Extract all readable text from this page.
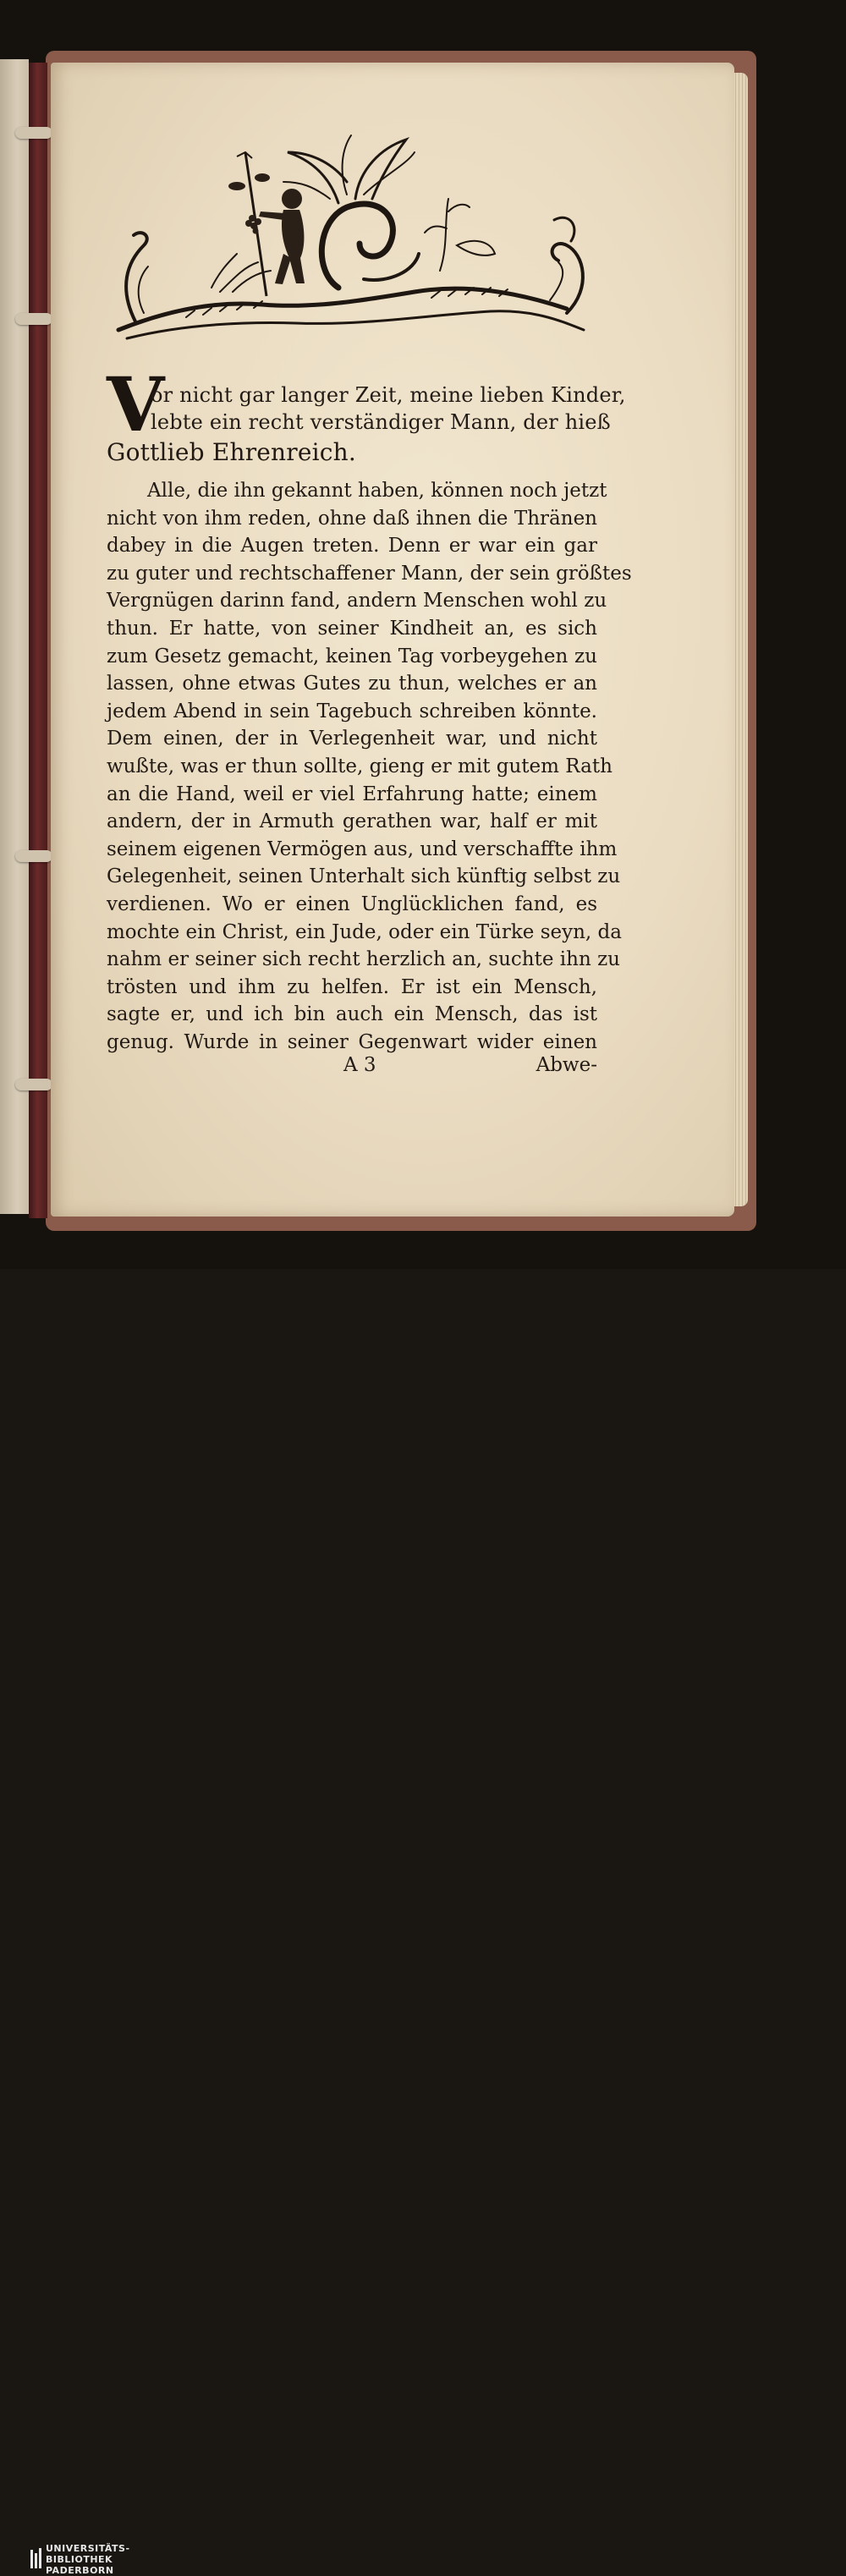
V
or nicht gar langer Zeit, meine lieben Kinder,
lebte ein recht verständiger Mann, der hieß
Gottlieb Ehrenreich.
Alle, die ihn gekannt haben, können noch jetzt
nicht von ihm reden, ohne daß ihnen die Thränen
dabey in die Augen treten. Denn er war ein gar
zu guter und rechtschaffener Mann, der sein größtes
Vergnügen darinn fand, andern Menschen wohl zu
thun. Er hatte, von seiner Kindheit an, es sich
zum Gesetz gemacht, keinen Tag vorbeygehen zu
lassen, ohne etwas Gutes zu thun, welches er an
jedem Abend in sein Tagebuch schreiben könnte.
Dem einen, der in Verlegenheit war, und nicht
wußte, was er thun sollte, gieng er mit gutem Rath
an die Hand, weil er viel Erfahrung hatte; einem
andern, der in Armuth gerathen war, half er mit
seinem eigenen Vermögen aus, und verschaffte ihm
Gelegenheit, seinen Unterhalt sich künftig selbst zu
verdienen. Wo er einen Unglücklichen fand, es
mochte ein Christ, ein Jude, oder ein Türke seyn, da
nahm er seiner sich recht herzlich an, suchte ihn zu
trösten und ihm zu helfen. Er ist ein Mensch,
sagte er, und ich bin auch ein Mensch, das ist
genug. Wurde in seiner Gegenwart wider einen
A 3	Abwe-
UNIVERSITÄTS-
BIBLIOTHEK
PADERBORN
